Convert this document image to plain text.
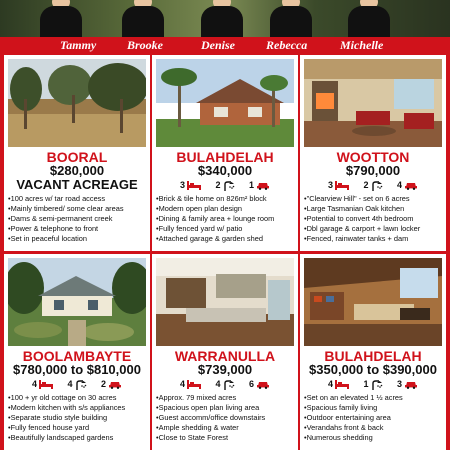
Tammy	Brooke	Denise	Rebecca	Michelle
BOORAL
$280,000
VACANT ACREAGE
• 100 acres w/ tar road access
• Mainly timbered/ some clear areas
• Dams & semi-permanent creek
• Power & telephone to front
• Set in peaceful location
BULAHDELAH
$340,000
3	2	1
• Brick & tile home on 826m² block
• Modern open plan design
• Dining & family area + lounge room
• Fully fenced yard w/ patio
• Attached garage & garden shed
WOOTTON
$790,000
3	2	4
• "Clearview Hill" - set on 6 acres
• Large Tasmanian Oak kitchen
• Potential to convert 4th bedroom
• Dbl garage & carport + lawn locker
• Fenced, rainwater tanks + dam
BOOLAMBAYTE
$780,000 to $810,000
4	4	2
• 100 + yr old cottage on 30 acres
• Modern kitchen with s/s appliances
• Separate studio style building
• Fully fenced house yard
• Beautifully landscaped gardens
WARRANULLA
$739,000
4	4	6
• Approx. 79 mixed acres
• Spacious open plan living area
• Guest accomm/office downstairs
• Ample shedding & water
• Close to State Forest
BULAHDELAH
$350,000 to $390,000
4	1	3
• Set on an elevated 1 ½ acres
• Spacious family living
• Outdoor entertaining area
• Verandahs front & back
• Numerous shedding
